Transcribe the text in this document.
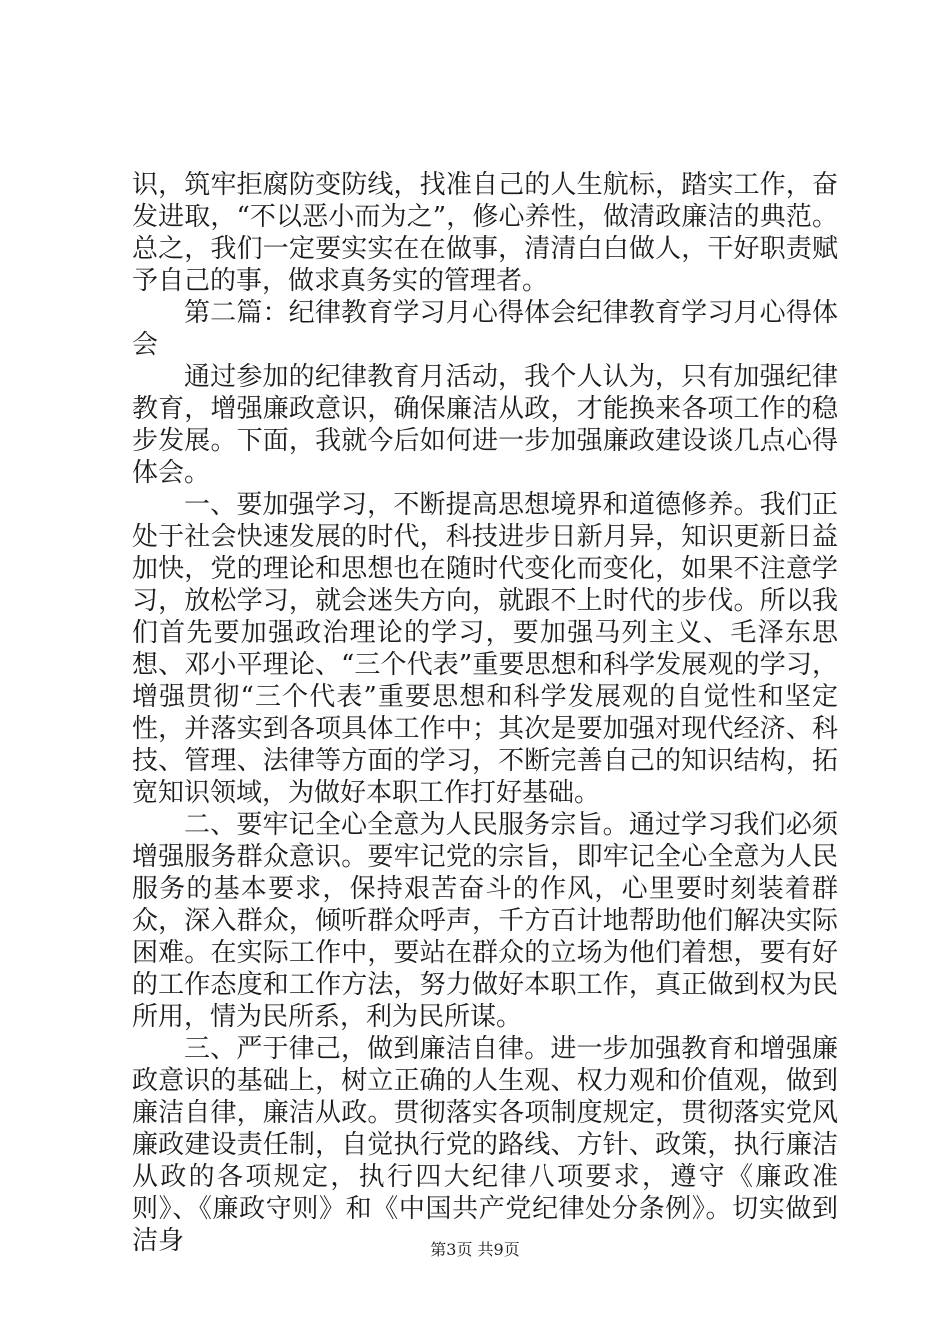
识，筑牢拒腐防变防线，找准自己的人生航标，踏实工作，奋发进取，“不以恶小而为之”，修心养性，做清政廉洁的典范。总之，我们一定要实实在在做事，清清白白做人，干好职责赋予自己的事，做求真务实的管理者。

第二篇：纪律教育学习月心得体会纪律教育学习月心得体会

通过参加的纪律教育月活动，我个人认为，只有加强纪律教育，增强廉政意识，确保廉洁从政，才能换来各项工作的稳步发展。下面，我就今后如何进一步加强廉政建设谈几点心得体会。

一、要加强学习，不断提高思想境界和道德修养。我们正处于社会快速发展的时代，科技进步日新月异，知识更新日益加快，党的理论和思想也在随时代变化而变化，如果不注意学习，放松学习，就会迷失方向，就跟不上时代的步伐。所以我们首先要加强政治理论的学习，要加强马列主义、毛泽东思想、邓小平理论、“三个代表”重要思想和科学发展观的学习，增强贯彻“三个代表”重要思想和科学发展观的自觉性和坚定性，并落实到各项具体工作中；其次是要加强对现代经济、科技、管理、法律等方面的学习，不断完善自己的知识结构，拓宽知识领域，为做好本职工作打好基础。

二、要牢记全心全意为人民服务宗旨。通过学习我们必须增强服务群众意识。要牢记党的宗旨，即牢记全心全意为人民服务的基本要求，保持艰苦奋斗的作风，心里要时刻装着群众，深入群众，倾听群众呼声，千方百计地帮助他们解决实际困难。在实际工作中，要站在群众的立场为他们着想，要有好的工作态度和工作方法，努力做好本职工作，真正做到权为民所用，情为民所系，利为民所谋。

三、严于律己，做到廉洁自律。进一步加强教育和增强廉政意识的基础上，树立正确的人生观、权力观和价值观，做到廉洁自律，廉洁从政。贯彻落实各项制度规定，贯彻落实党风廉政建设责任制，自觉执行党的路线、方针、政策，执行廉洁从政的各项规定，执行四大纪律八项要求，遵守《廉政准则》、《廉政守则》和《中国共产党纪律处分条例》。切实做到洁身	第3页 共9页
